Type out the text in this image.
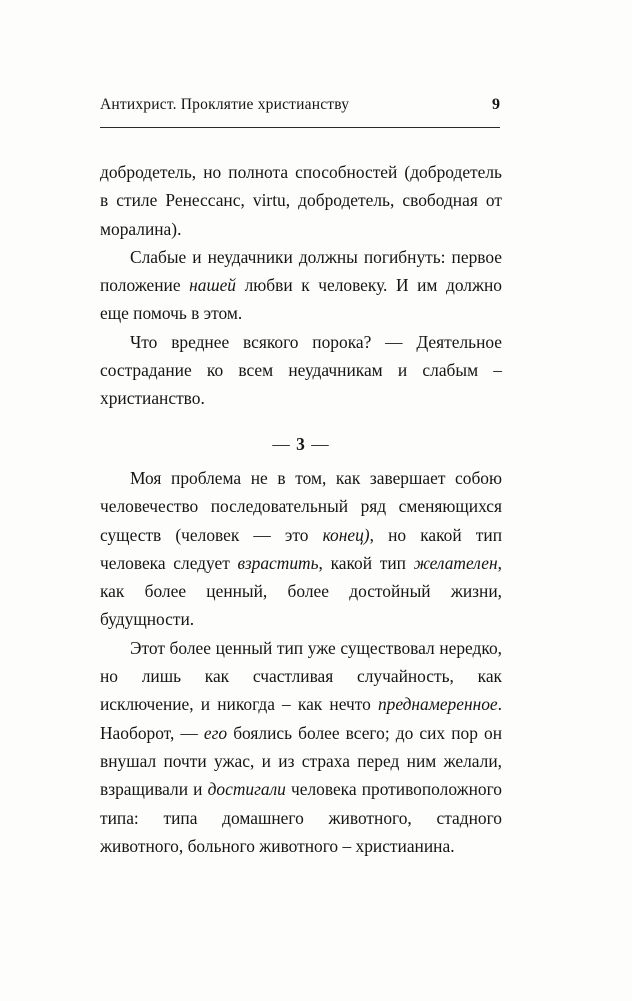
Антихрист. Проклятие христианству	9

добродетель, но полнота способностей (добродетель в стиле Ренессанс, virtu, добродетель, свободная от моралина).

Слабые и неудачники должны погибнуть: первое положение нашей любви к человеку. И им должно еще помочь в этом.

Что вреднее всякого порока? — Деятельное сострадание ко всем неудачникам и слабым – христианство.

— 3 —

Моя проблема не в том, как завершает собою человечество последовательный ряд сменяющихся существ (человек — это конец), но какой тип человека следует взрастить, какой тип желателен, как более ценный, более достойный жизни, будущности.

Этот более ценный тип уже существовал нередко, но лишь как счастливая случайность, как исключение, и никогда – как нечто преднамеренное. Наоборот, — его боялись более всего; до сих пор он внушал почти ужас, и из страха перед ним желали, взращивали и достигали человека противоположного типа: типа домашнего животного, стадного животного, больного животного – христианина.
